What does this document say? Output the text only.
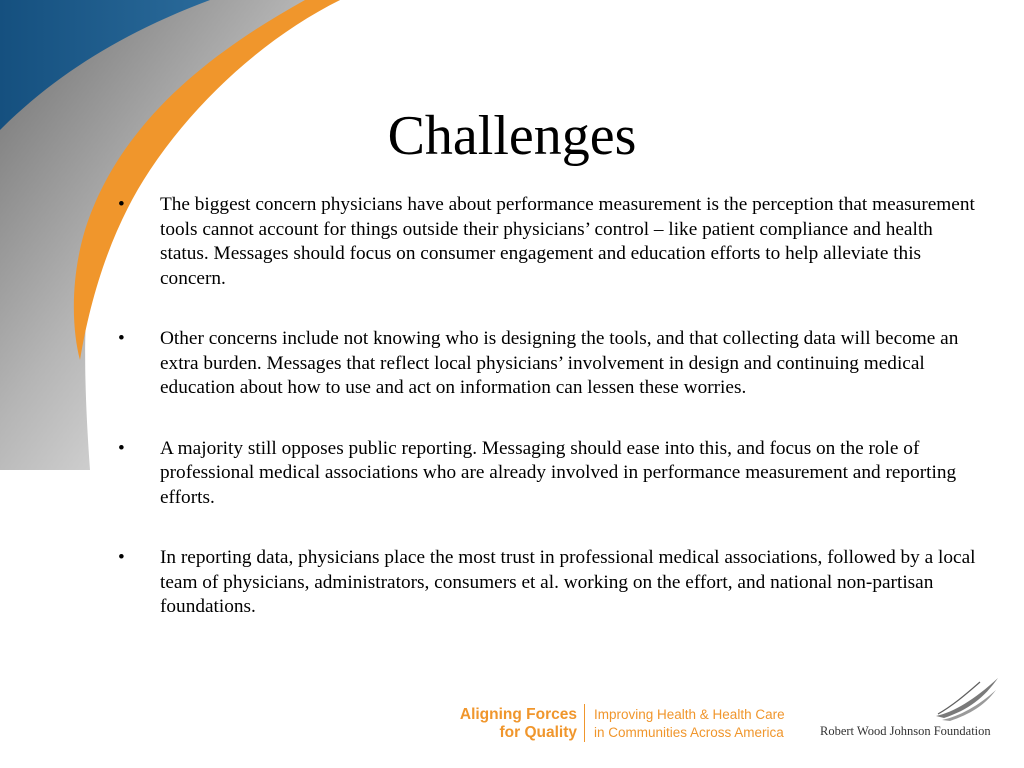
Challenges
• The biggest concern physicians have about performance measurement is the perception that measurement tools cannot account for things outside their physicians’ control – like patient compliance and health status. Messages should focus on consumer engagement and education efforts to help alleviate this concern.
• Other concerns include not knowing who is designing the tools, and that collecting data will become an extra burden. Messages that reflect local physicians’ involvement in design and continuing medical education about how to use and act on information can lessen these worries.
• A majority still opposes public reporting. Messaging should ease into this, and focus on the role of professional medical associations who are already involved in performance measurement and reporting efforts.
• In reporting data, physicians place the most trust in professional medical associations, followed by a local team of physicians, administrators, consumers et al. working on the effort, and national non-partisan foundations.
Aligning Forces
for Quality
Improving Health & Health Care
in Communities Across America	Robert Wood Johnson Foundation
